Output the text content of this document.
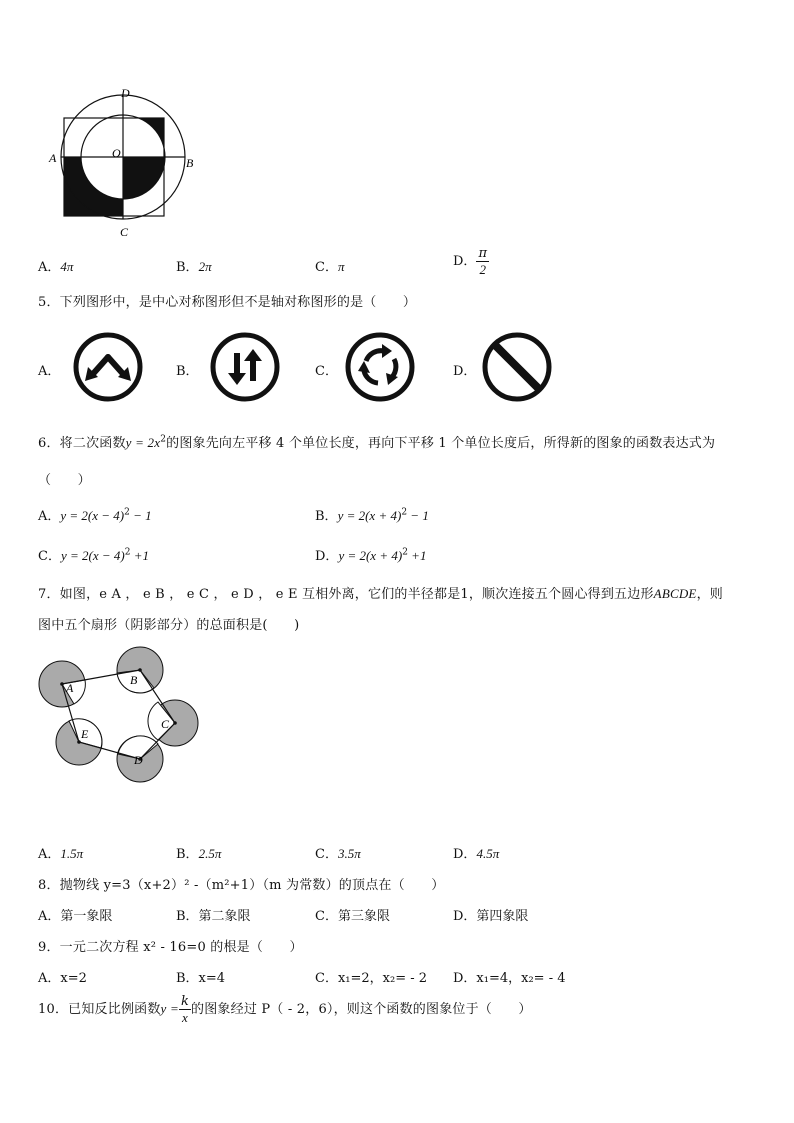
D
A	O
B
C
A．4π	B．2π	C．π	D． $\frac{\pi}{2}$
5．下列图形中，是中心对称图形但不是轴对称图形的是（　　）
A．	B．	C．	D．
6．将二次函数$y = 2x^2$的图象先向左平移 4 个单位长度，再向下平移 1 个单位长度后，所得新的图象的函数表达式为
（　　）
A．$y = 2(x - 4)^2 - 1$	B．$y = 2(x + 4)^2 - 1$
C．$y = 2(x - 4)^2 +1$	D．$y = 2(x + 4)^2 +1$
7．如图，e A ， e B ， e C ， e D ， e E 互相外离，它们的半径都是1，顺次连接五个圆心得到五边形ABCDE，则
图中五个扇形（阴影部分）的总面积是(　　)
A
B
C
D
E
A．1.5π	B．2.5π	C．3.5π	D．4.5π
8．抛物线 y=3（x+2）² -（m²+1）（m 为常数）的顶点在（　　）
A．第一象限	B．第二象限	C．第三象限	D．第四象限
9．一元二次方程 x² - 16=0 的根是（　　）
A．x=2	B．x=4	C．x₁=2，x₂= - 2 D．x₁=4，x₂= - 4
10．已知反比例函数$y = \frac{k}{x}$ 的图象经过 P（ - 2，6），则这个函数的图象位于（　　）
